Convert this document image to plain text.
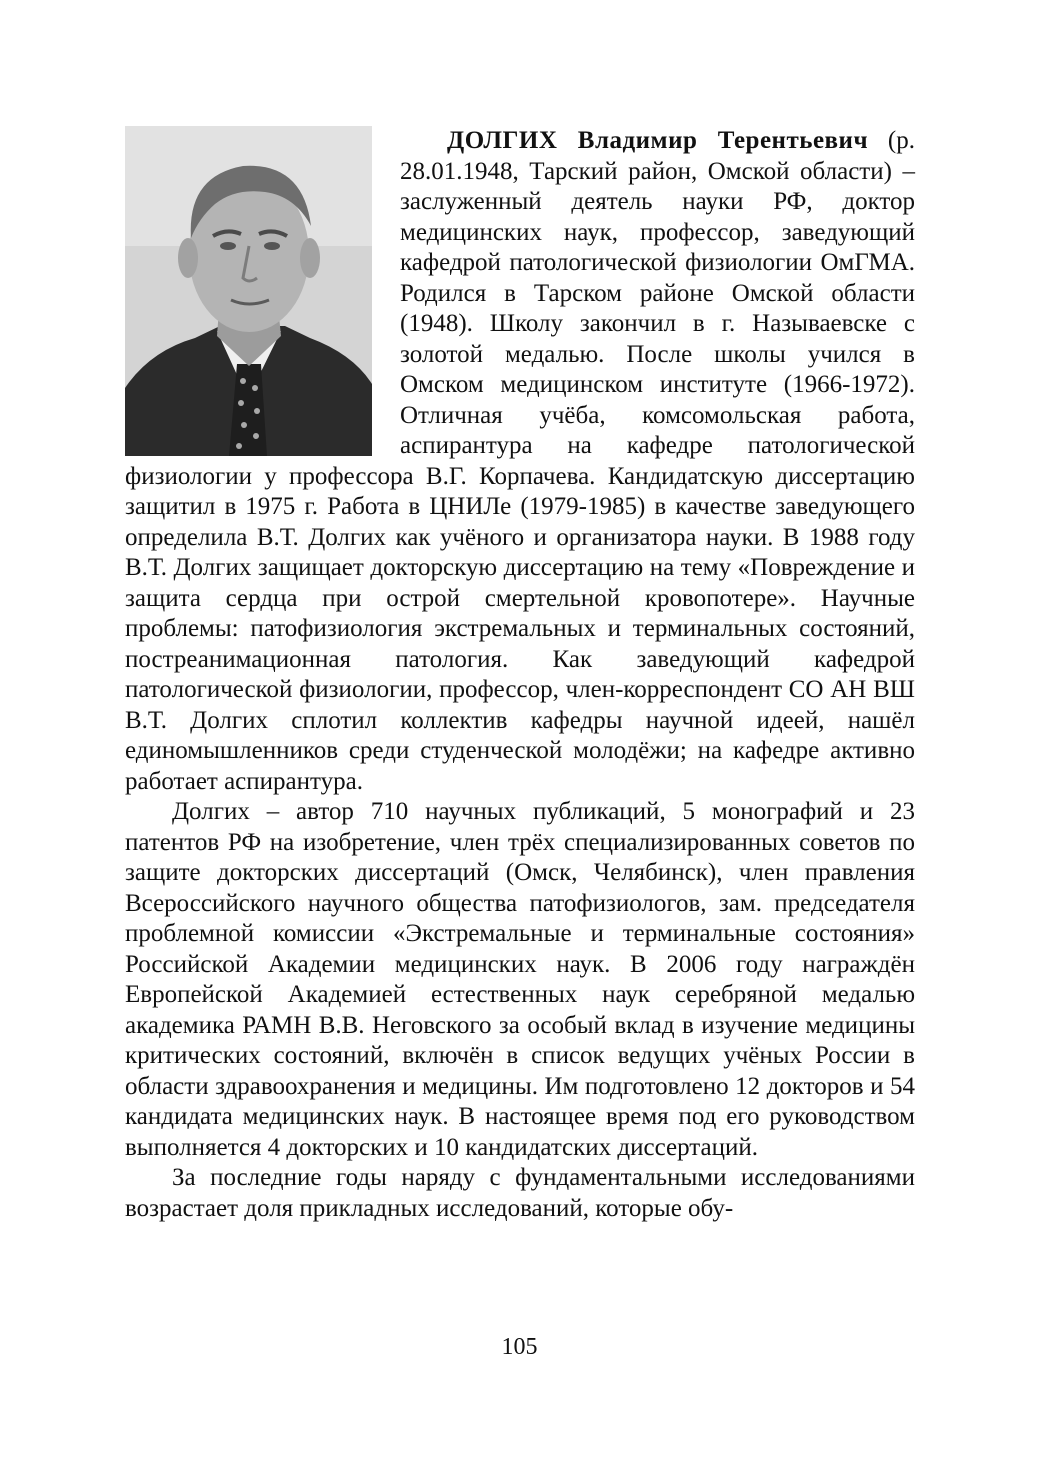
ДОЛГИХ Владимир Терентьевич (р. 28.01.1948, Тарский район, Омской области) – заслуженный деятель науки РФ, доктор медицинских наук, профессор, заведующий кафедрой патологической физиологии ОмГМА. Родился в Тарском районе Омской области (1948). Школу закончил в г. Называевске с золотой медалью. После школы учился в Омском медицинском институте (1966-1972). Отличная учёба, комсомольская работа, аспирантура на кафедре патологической физиологии у профессора В.Г. Корпачева. Кандидатскую диссертацию защитил в 1975 г. Работа в ЦНИЛе (1979-1985) в качестве заведующего определила В.Т. Долгих как учёного и организатора науки. В 1988 году В.Т. Долгих защищает докторскую диссертацию на тему «Повреждение и защита сердца при острой смертельной кровопотере». Научные проблемы: патофизиология экстремальных и терминальных состояний, постреанимационная патология. Как заведующий кафедрой патологической физиологии, профессор, член-корреспондент СО АН ВШ В.Т. Долгих сплотил коллектив кафедры научной идеей, нашёл единомышленников среди студенческой молодёжи; на кафедре активно работает аспирантура.

Долгих – автор 710 научных публикаций, 5 монографий и 23 патентов РФ на изобретение, член трёх специализированных советов по защите докторских диссертаций (Омск, Челябинск), член правления Всероссийского научного общества патофизиологов, зам. председателя проблемной комиссии «Экстремальные и терминальные состояния» Российской Академии медицинских наук. В 2006 году награждён Европейской Академией естественных наук серебряной медалью академика РАМН В.В. Неговского за особый вклад в изучение медицины критических состояний, включён в список ведущих учёных России в области здравоохранения и медицины. Им подготовлено 12 докторов и 54 кандидата медицинских наук. В настоящее время под его руководством выполняется 4 докторских и 10 кандидатских диссертаций.

За последние годы наряду с фундаментальными исследованиями возрастает доля прикладных исследований, которые обу-

105
